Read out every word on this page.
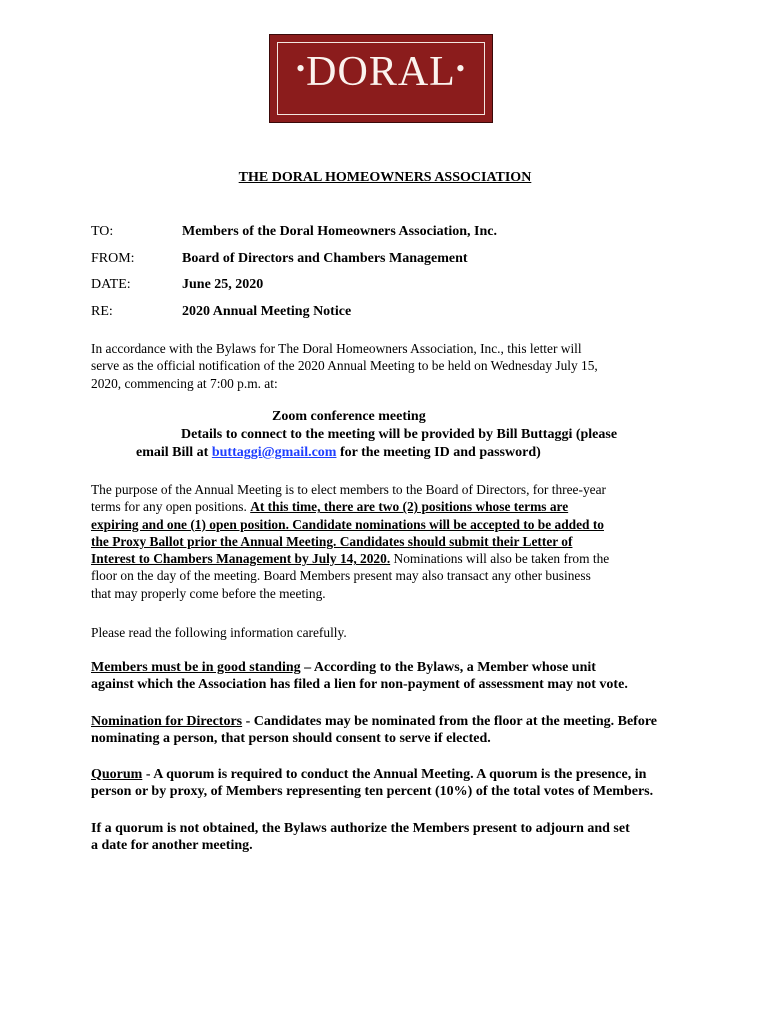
•DORAL•
THE DORAL HOMEOWNERS ASSOCIATION
TO:	Members of the Doral Homeowners Association, Inc.
FROM:	Board of Directors and Chambers Management
DATE:	June 25, 2020
RE:	2020 Annual Meeting Notice
In accordance with the Bylaws for The Doral Homeowners Association, Inc., this letter will
serve as the official notification of the 2020 Annual Meeting to be held on Wednesday July 15,
2020, commencing at 7:00 p.m. at:
Zoom conference meeting
Details to connect to the meeting will be provided by Bill Buttaggi (please
email Bill at buttaggi@gmail.com for the meeting ID and password)
The purpose of the Annual Meeting is to elect members to the Board of Directors, for three-year
terms for any open positions. At this time, there are two (2) positions whose terms are
expiring and one (1) open position. Candidate nominations will be accepted to be added to
the Proxy Ballot prior the Annual Meeting. Candidates should submit their Letter of
Interest to Chambers Management by July 14, 2020. Nominations will also be taken from the
floor on the day of the meeting. Board Members present may also transact any other business
that may properly come before the meeting.
Please read the following information carefully.
Members must be in good standing – According to the Bylaws, a Member whose unit
against which the Association has filed a lien for non-payment of assessment may not vote.
Nomination for Directors - Candidates may be nominated from the floor at the meeting. Before
nominating a person, that person should consent to serve if elected.
Quorum - A quorum is required to conduct the Annual Meeting. A quorum is the presence, in
person or by proxy, of Members representing ten percent (10%) of the total votes of Members.
If a quorum is not obtained, the Bylaws authorize the Members present to adjourn and set
a date for another meeting.
